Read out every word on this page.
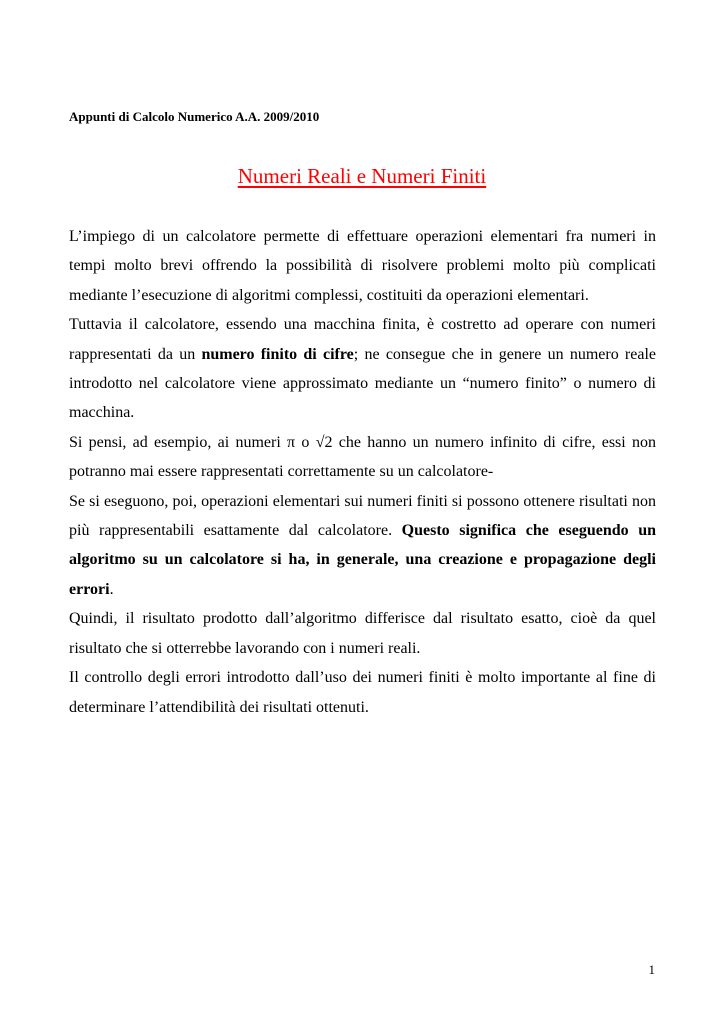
Appunti di Calcolo Numerico A.A. 2009/2010
Numeri Reali e Numeri Finiti

L’impiego di un calcolatore permette di effettuare operazioni elementari fra numeri in tempi molto brevi offrendo la possibilità di risolvere problemi molto più complicati mediante l’esecuzione di algoritmi complessi, costituiti da operazioni elementari.

Tuttavia il calcolatore, essendo una macchina finita, è costretto ad operare con numeri rappresentati da un numero finito di cifre; ne consegue che in genere un numero reale introdotto nel calcolatore viene approssimato mediante un “numero finito” o numero di macchina.

Si pensi, ad esempio, ai numeri π o √2 che hanno un numero infinito di cifre, essi non potranno mai essere rappresentati correttamente su un calcolatore-

Se si eseguono, poi, operazioni elementari sui numeri finiti si possono ottenere risultati non più rappresentabili esattamente dal calcolatore. Questo significa che eseguendo un algoritmo su un calcolatore si ha, in generale, una creazione e propagazione degli errori.

Quindi, il risultato prodotto dall’algoritmo differisce dal risultato esatto, cioè da quel risultato che si otterrebbe lavorando con i numeri reali.

Il controllo degli errori introdotto dall’uso dei numeri finiti è molto importante al fine di determinare l’attendibilità dei risultati ottenuti.

1
